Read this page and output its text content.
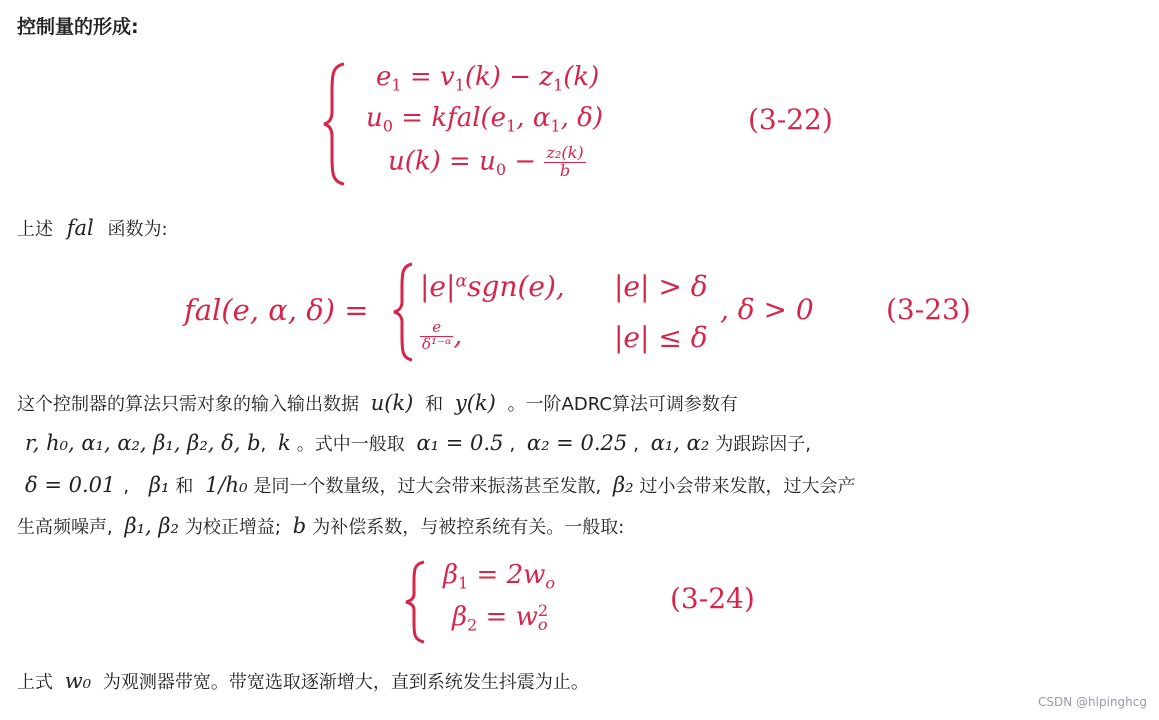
控制量的形成:
$e_1 = v_1(k) - z_1(k)$
$u_0$ = $kfal(e_1$, $\alpha_1$, δ)
$u(k) = u_0 - \frac{\text{z₂(k)}}{b}$
(3-22)
上述 fal 函数为:
fal(e, α, δ) =
$|e|^\alpha sgn(e)$, |e| > δ
$\frac{e}{\text{δ¹⁻ᵅ}}$ ,	|e| ≤ δ
, δ > 0	(3-23)
这个控制器的算法只需对象的输入输出数据 u(k) 和 y(k) 。一阶ADRC算法可调参数有
r, h₀, α₁, α₂, β₁, β₂, δ, b, k 。式中一般取 α₁ = 0.5 , α₂ = 0.25 , α₁, α₂ 为跟踪因子,
δ = 0.01 , β₁ 和 1/h₀ 是同一个数量级，过大会带来振荡甚至发散, β₂ 过小会带来发散，过大会产
生高频噪声, β₁, β₂ 为校正增益; b 为补偿系数，与被控系统有关。一般取:
$\beta_1 = 2w_o$
$\beta_2 = w$ 2
o
(3-24)
上式 w₀ 为观测器带宽。带宽选取逐渐增大，直到系统发生抖震为止。
CSDN @hlpinghcg
